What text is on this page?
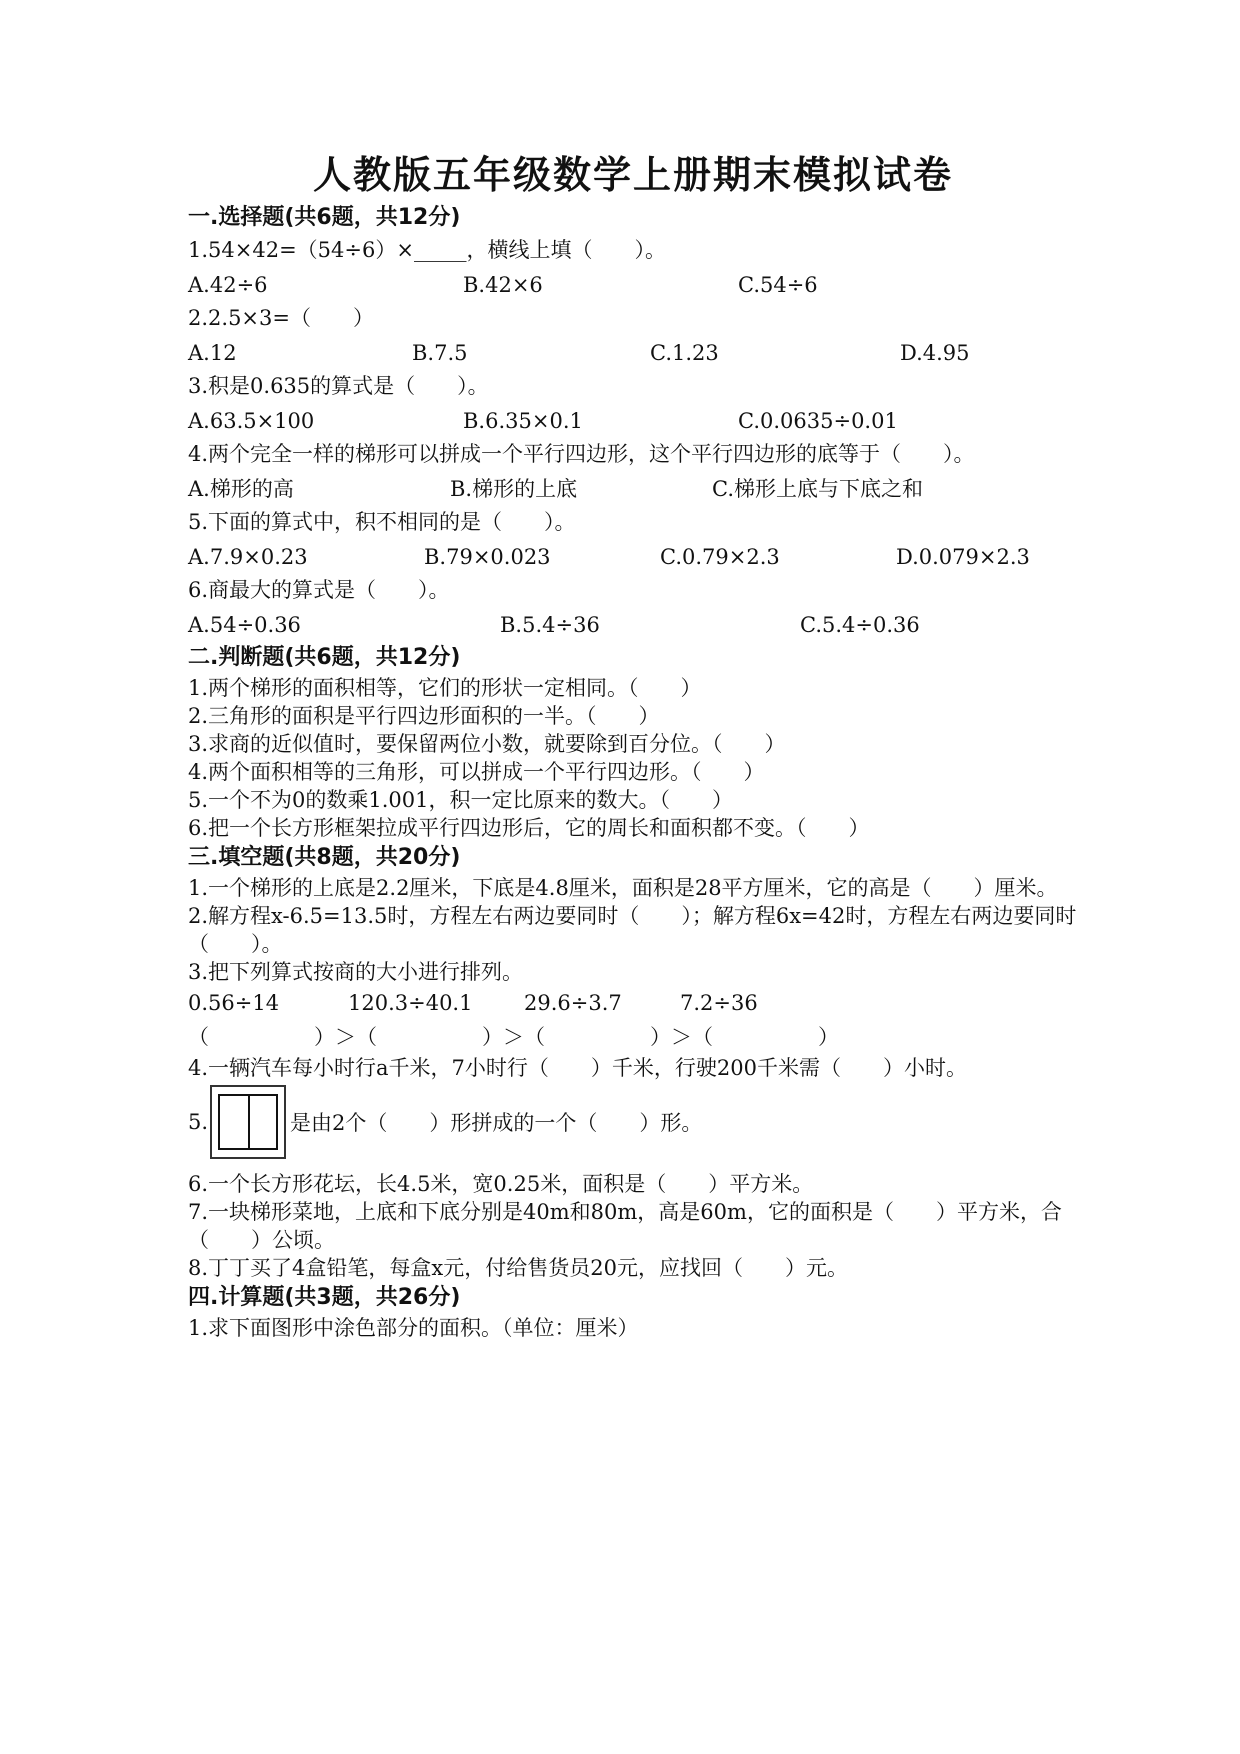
人教版五年级数学上册期末模拟试卷
一.选择题(共6题，共12分)
1.54×42=（54÷6）×_____，横线上填（　　）。
A.42÷6	B.42×6	C.54÷6
2.2.5×3=（　　）
A.12	B.7.5	C.1.23	D.4.95
3.积是0.635的算式是（　　）。
A.63.5×100	B.6.35×0.1	C.0.0635÷0.01
4.两个完全一样的梯形可以拼成一个平行四边形，这个平行四边形的底等于（　　）。
A.梯形的高	B.梯形的上底	C.梯形上底与下底之和
5.下面的算式中，积不相同的是（　　）。
A.7.9×0.23	B.79×0.023	C.0.79×2.3	D.0.079×2.3
6.商最大的算式是（　　）。
A.54÷0.36	B.5.4÷36	C.5.4÷0.36
二.判断题(共6题，共12分)
1.两个梯形的面积相等，它们的形状一定相同。（　　）
2.三角形的面积是平行四边形面积的一半。（　　）
3.求商的近似值时，要保留两位小数，就要除到百分位。（　　）
4.两个面积相等的三角形，可以拼成一个平行四边形。（　　）
5.一个不为0的数乘1.001，积一定比原来的数大。（　　）
6.把一个长方形框架拉成平行四边形后，它的周长和面积都不变。（　　）
三.填空题(共8题，共20分)
1.一个梯形的上底是2.2厘米，下底是4.8厘米，面积是28平方厘米，它的高是（　　）厘米。
2.解方程x-6.5=13.5时，方程左右两边要同时（　　）；解方程6x=42时，方程左右两边要同时（　　）。
3.把下列算式按商的大小进行排列。
0.56÷14	120.3÷40.1	29.6÷3.7	7.2÷36
（　　　　　）＞（　　　　　）＞（　　　　　）＞（　　　　　）
4.一辆汽车每小时行a千米，7小时行（　　）千米，行驶200千米需（　　）小时。
5.	是由2个（　　）形拼成的一个（　　）形。
6.一个长方形花坛，长4.5米，宽0.25米，面积是（　　）平方米。
7.一块梯形菜地，上底和下底分别是40m和80m，高是60m，它的面积是（　　）平方米，合（　　）公顷。
8.丁丁买了4盒铅笔，每盒x元，付给售货员20元，应找回（　　）元。
四.计算题(共3题，共26分)
1.求下面图形中涂色部分的面积。（单位：厘米）
